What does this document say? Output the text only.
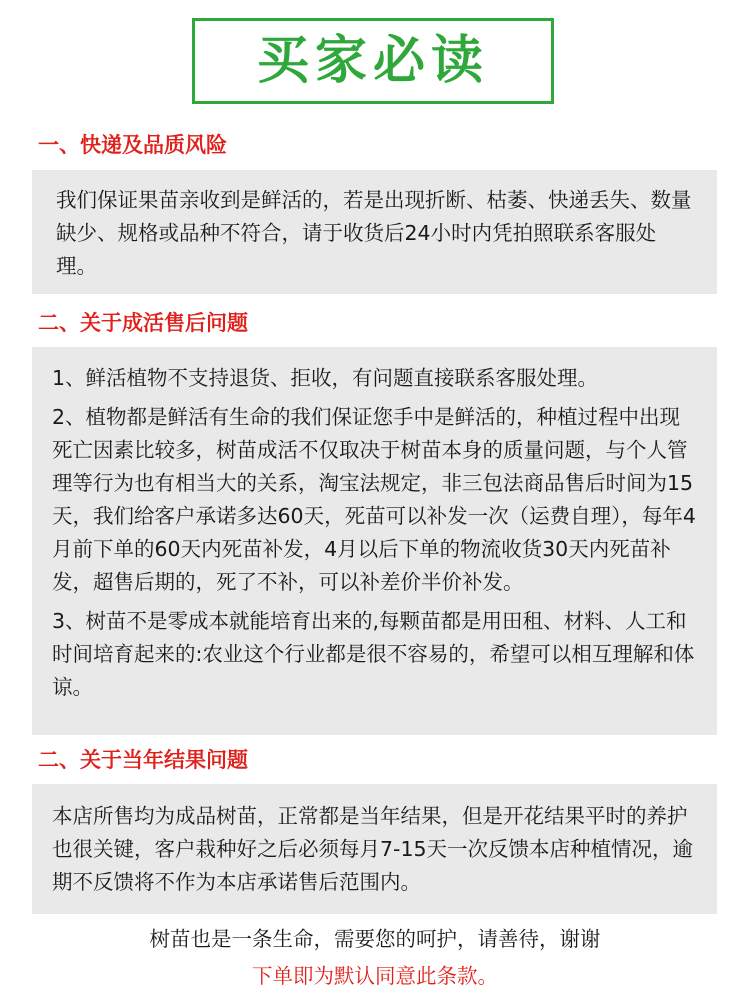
买家必读
一、快递及品质风险

我们保证果苗亲收到是鲜活的，若是出现折断、枯萎、快递丢失、数量缺少、规格或品种不符合，请于收货后24小时内凭拍照联系客服处理。

二、关于成活售后问题

1、鲜活植物不支持退货、拒收，有问题直接联系客服处理。

2、植物都是鲜活有生命的我们保证您手中是鲜活的，种植过程中出现死亡因素比较多，树苗成活不仅取决于树苗本身的质量问题，与个人管理等行为也有相当大的关系，淘宝法规定，非三包法商品售后时间为15天，我们给客户承诺多达60天，死苗可以补发一次（运费自理），每年4月前下单的60天内死苗补发，4月以后下单的物流收货30天内死苗补发，超售后期的，死了不补，可以补差价半价补发。

3、树苗不是零成本就能培育出来的,每颗苗都是用田租、材料、人工和时间培育起来的:农业这个行业都是很不容易的，希望可以相互理解和体谅。

二、关于当年结果问题

本店所售均为成品树苗，正常都是当年结果，但是开花结果平时的养护也很关键，客户栽种好之后必须每月7-15天一次反馈本店种植情况，逾期不反馈将不作为本店承诺售后范围内。

树苗也是一条生命，需要您的呵护，请善待，谢谢
下单即为默认同意此条款。
